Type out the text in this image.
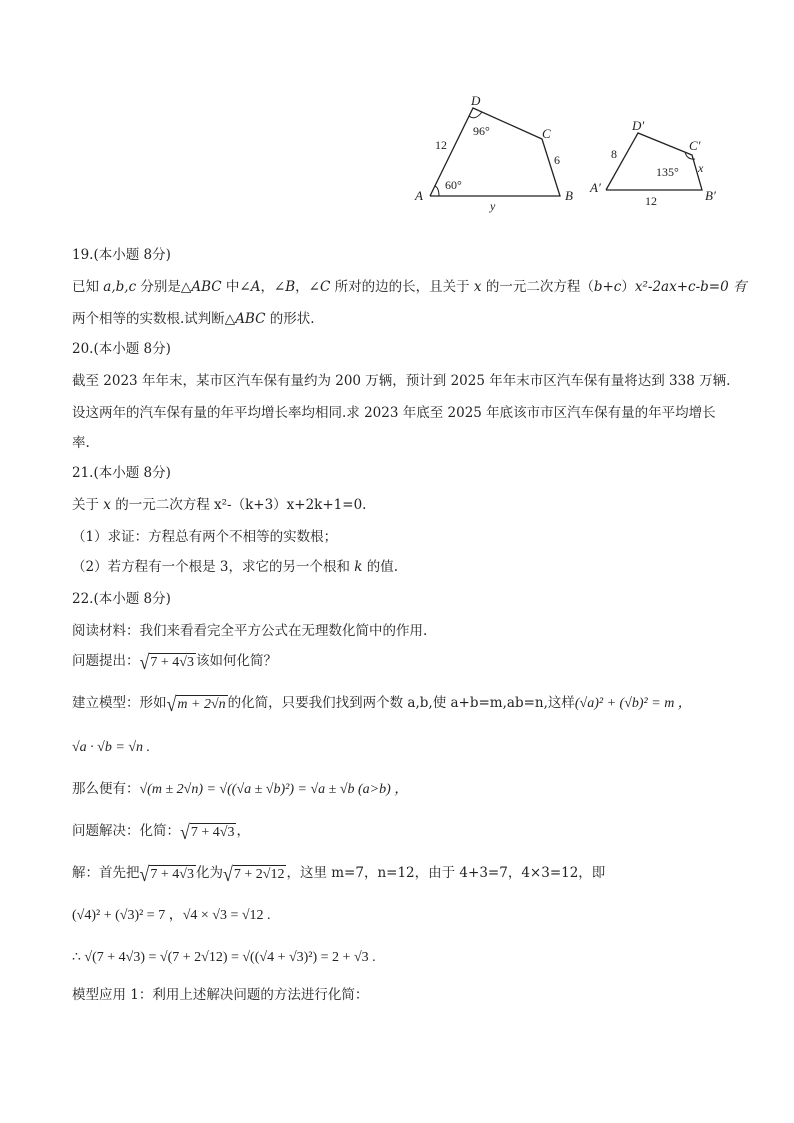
D
C
A	B
12
6
y
96°
60°
D′
C′
A′
B′
8
x
12
135°
19.(本小题 8分)
已知 a,b,c 分别是△ABC 中∠A，∠B，∠C 所对的边的长，且关于 x 的一元二次方程（b+c）x²-2ax+c-b=0 有
两个相等的实数根.试判断△ABC 的形状.
20.(本小题 8分)
截至 2023 年年末，某市区汽车保有量约为 200 万辆，预计到 2025 年年末市区汽车保有量将达到 338 万辆.
设这两年的汽车保有量的年平均增长率均相同.求 2023 年底至 2025 年底该市市区汽车保有量的年平均增长
率.
21.(本小题 8分)
关于 x 的一元二次方程 x²-（k+3）x+2k+1=0.
（1）求证：方程总有两个不相等的实数根；
（2）若方程有一个根是 3，求它的另一个根和 k 的值.
22.(本小题 8分)
阅读材料：我们来看看完全平方公式在无理数化简中的作用.
问题提出： √ 7 + 4√3 该如何化简？
建立模型：形如 √ m + 2√n 的化简，只要我们找到两个数 a,b,使 a+b=m,ab=n,这样(√a)² + (√b)² = m ，
√a · √b = √n .
那么便有：√(m ± 2√n) = √((√a ± √b)²) = √a ± √b (a>b) ，
问题解决：化简： √ 7 + 4√3 ，
解：首先把 √ 7 + 4√3 化为 √ 7 + 2√12 ，这里 m=7，n=12，由于 4+3=7，4×3=12，即
(√4)² + (√3)² = 7 ，√4 × √3 = √12 .
∴ √(7 + 4√3) = √(7 + 2√12) = √((√4 + √3)²) = 2 + √3 .
模型应用 1：利用上述解决问题的方法进行化简：
